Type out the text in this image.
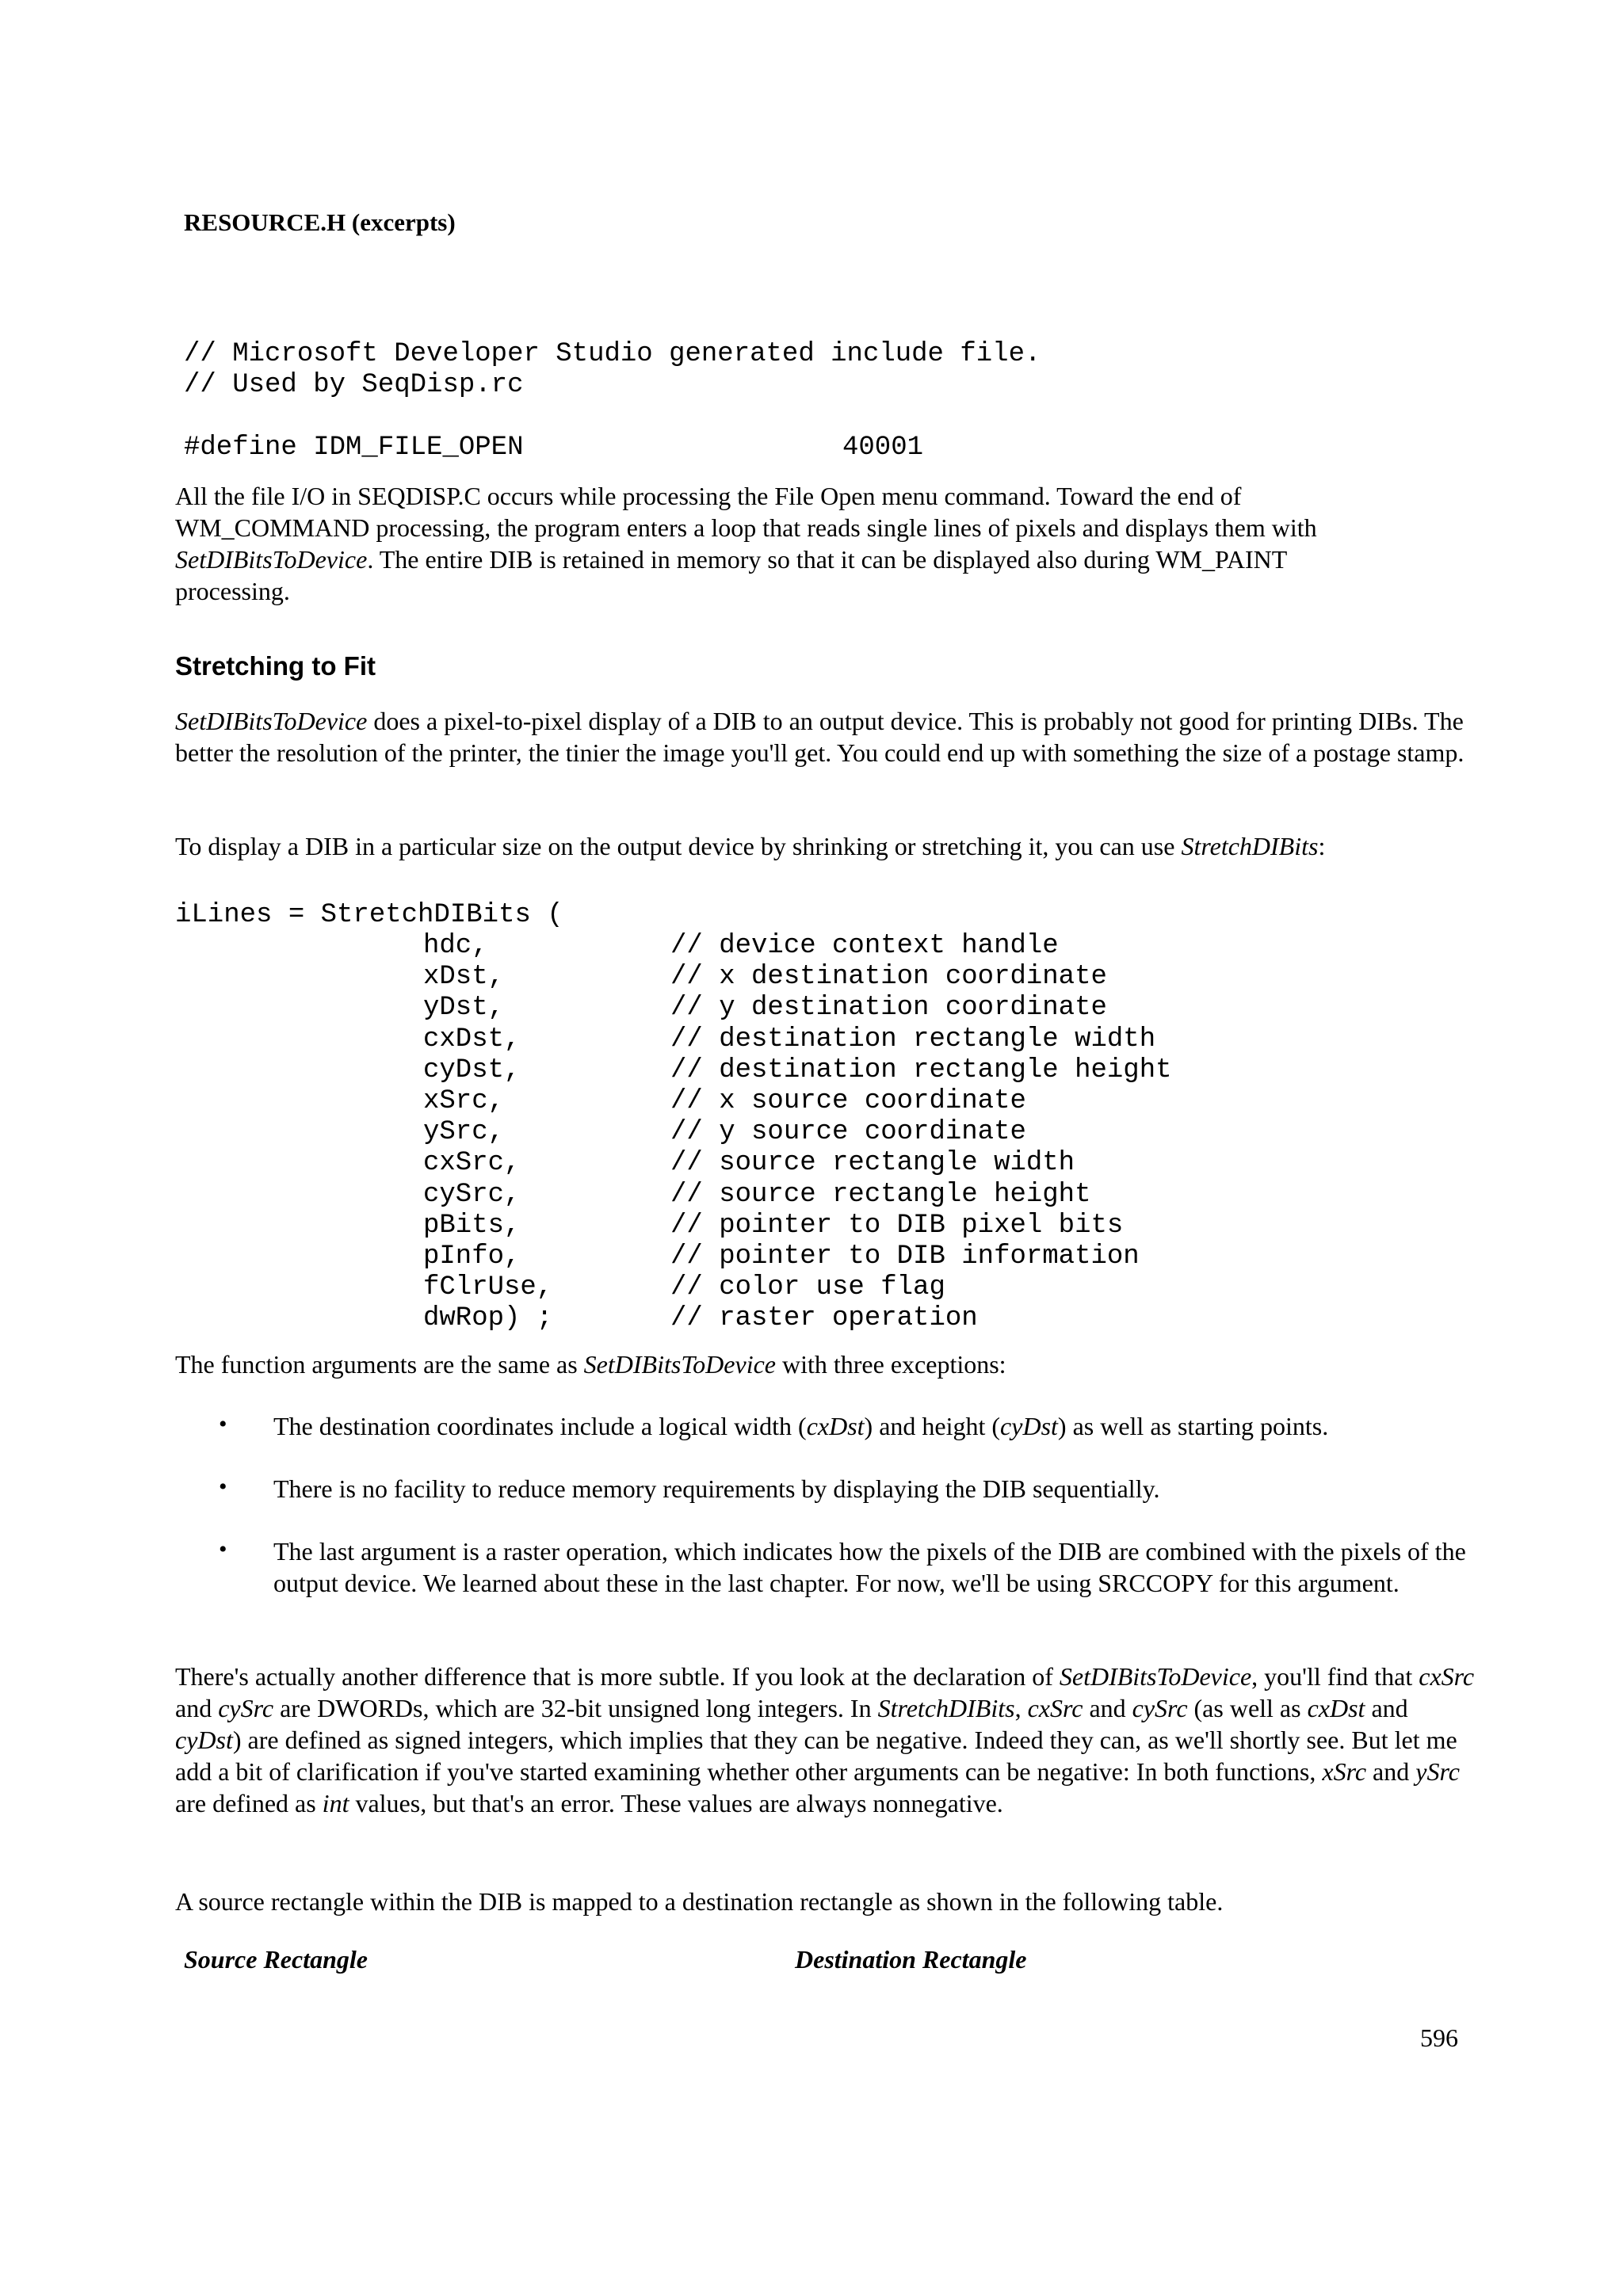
RESOURCE.H (excerpts)
// Microsoft Developer Studio generated include file.
// Used by SeqDisp.rc
#define IDM_FILE_OPEN	40001
All the file I/O in SEQDISP.C occurs while processing the File Open menu command. Toward the end of
WM_COMMAND processing, the program enters a loop that reads single lines of pixels and displays them with
SetDIBitsToDevice. The entire DIB is retained in memory so that it can be displayed also during WM_PAINT
processing.
Stretching to Fit
SetDIBitsToDevice does a pixel-to-pixel display of a DIB to an output device. This is probably not good for printing DIBs. The better the resolution of the printer, the tinier the image you'll get. You could end up with something the size of a postage stamp.
To display a DIB in a particular size on the output device by shrinking or stretching it, you can use StretchDIBits:
iLines = StretchDIBits (
hdc,	// device context handle
xDst,	// x destination coordinate
yDst,	// y destination coordinate
cxDst,	// destination rectangle width
cyDst,	// destination rectangle height
xSrc,	// x source coordinate
ySrc,	// y source coordinate
cxSrc,	// source rectangle width
cySrc,	// source rectangle height
pBits,	// pointer to DIB pixel bits
pInfo,	// pointer to DIB information
fClrUse,	// color use flag
dwRop) ;	// raster operation
The function arguments are the same as SetDIBitsToDevice with three exceptions:
• The destination coordinates include a logical width (cxDst) and height (cyDst) as well as starting points.
• There is no facility to reduce memory requirements by displaying the DIB sequentially.
• The last argument is a raster operation, which indicates how the pixels of the DIB are combined with the pixels of the output device. We learned about these in the last chapter. For now, we'll be using SRCCOPY for this argument.
There's actually another difference that is more subtle. If you look at the declaration of SetDIBitsToDevice, you'll find that cxSrc and cySrc are DWORDs, which are 32-bit unsigned long integers. In StretchDIBits, cxSrc and cySrc (as well as cxDst and cyDst) are defined as signed integers, which implies that they can be negative. Indeed they can, as we'll shortly see. But let me add a bit of clarification if you've started examining whether other arguments can be negative: In both functions, xSrc and ySrc are defined as int values, but that's an error. These values are always nonnegative.
A source rectangle within the DIB is mapped to a destination rectangle as shown in the following table.
Source Rectangle	Destination Rectangle
596
